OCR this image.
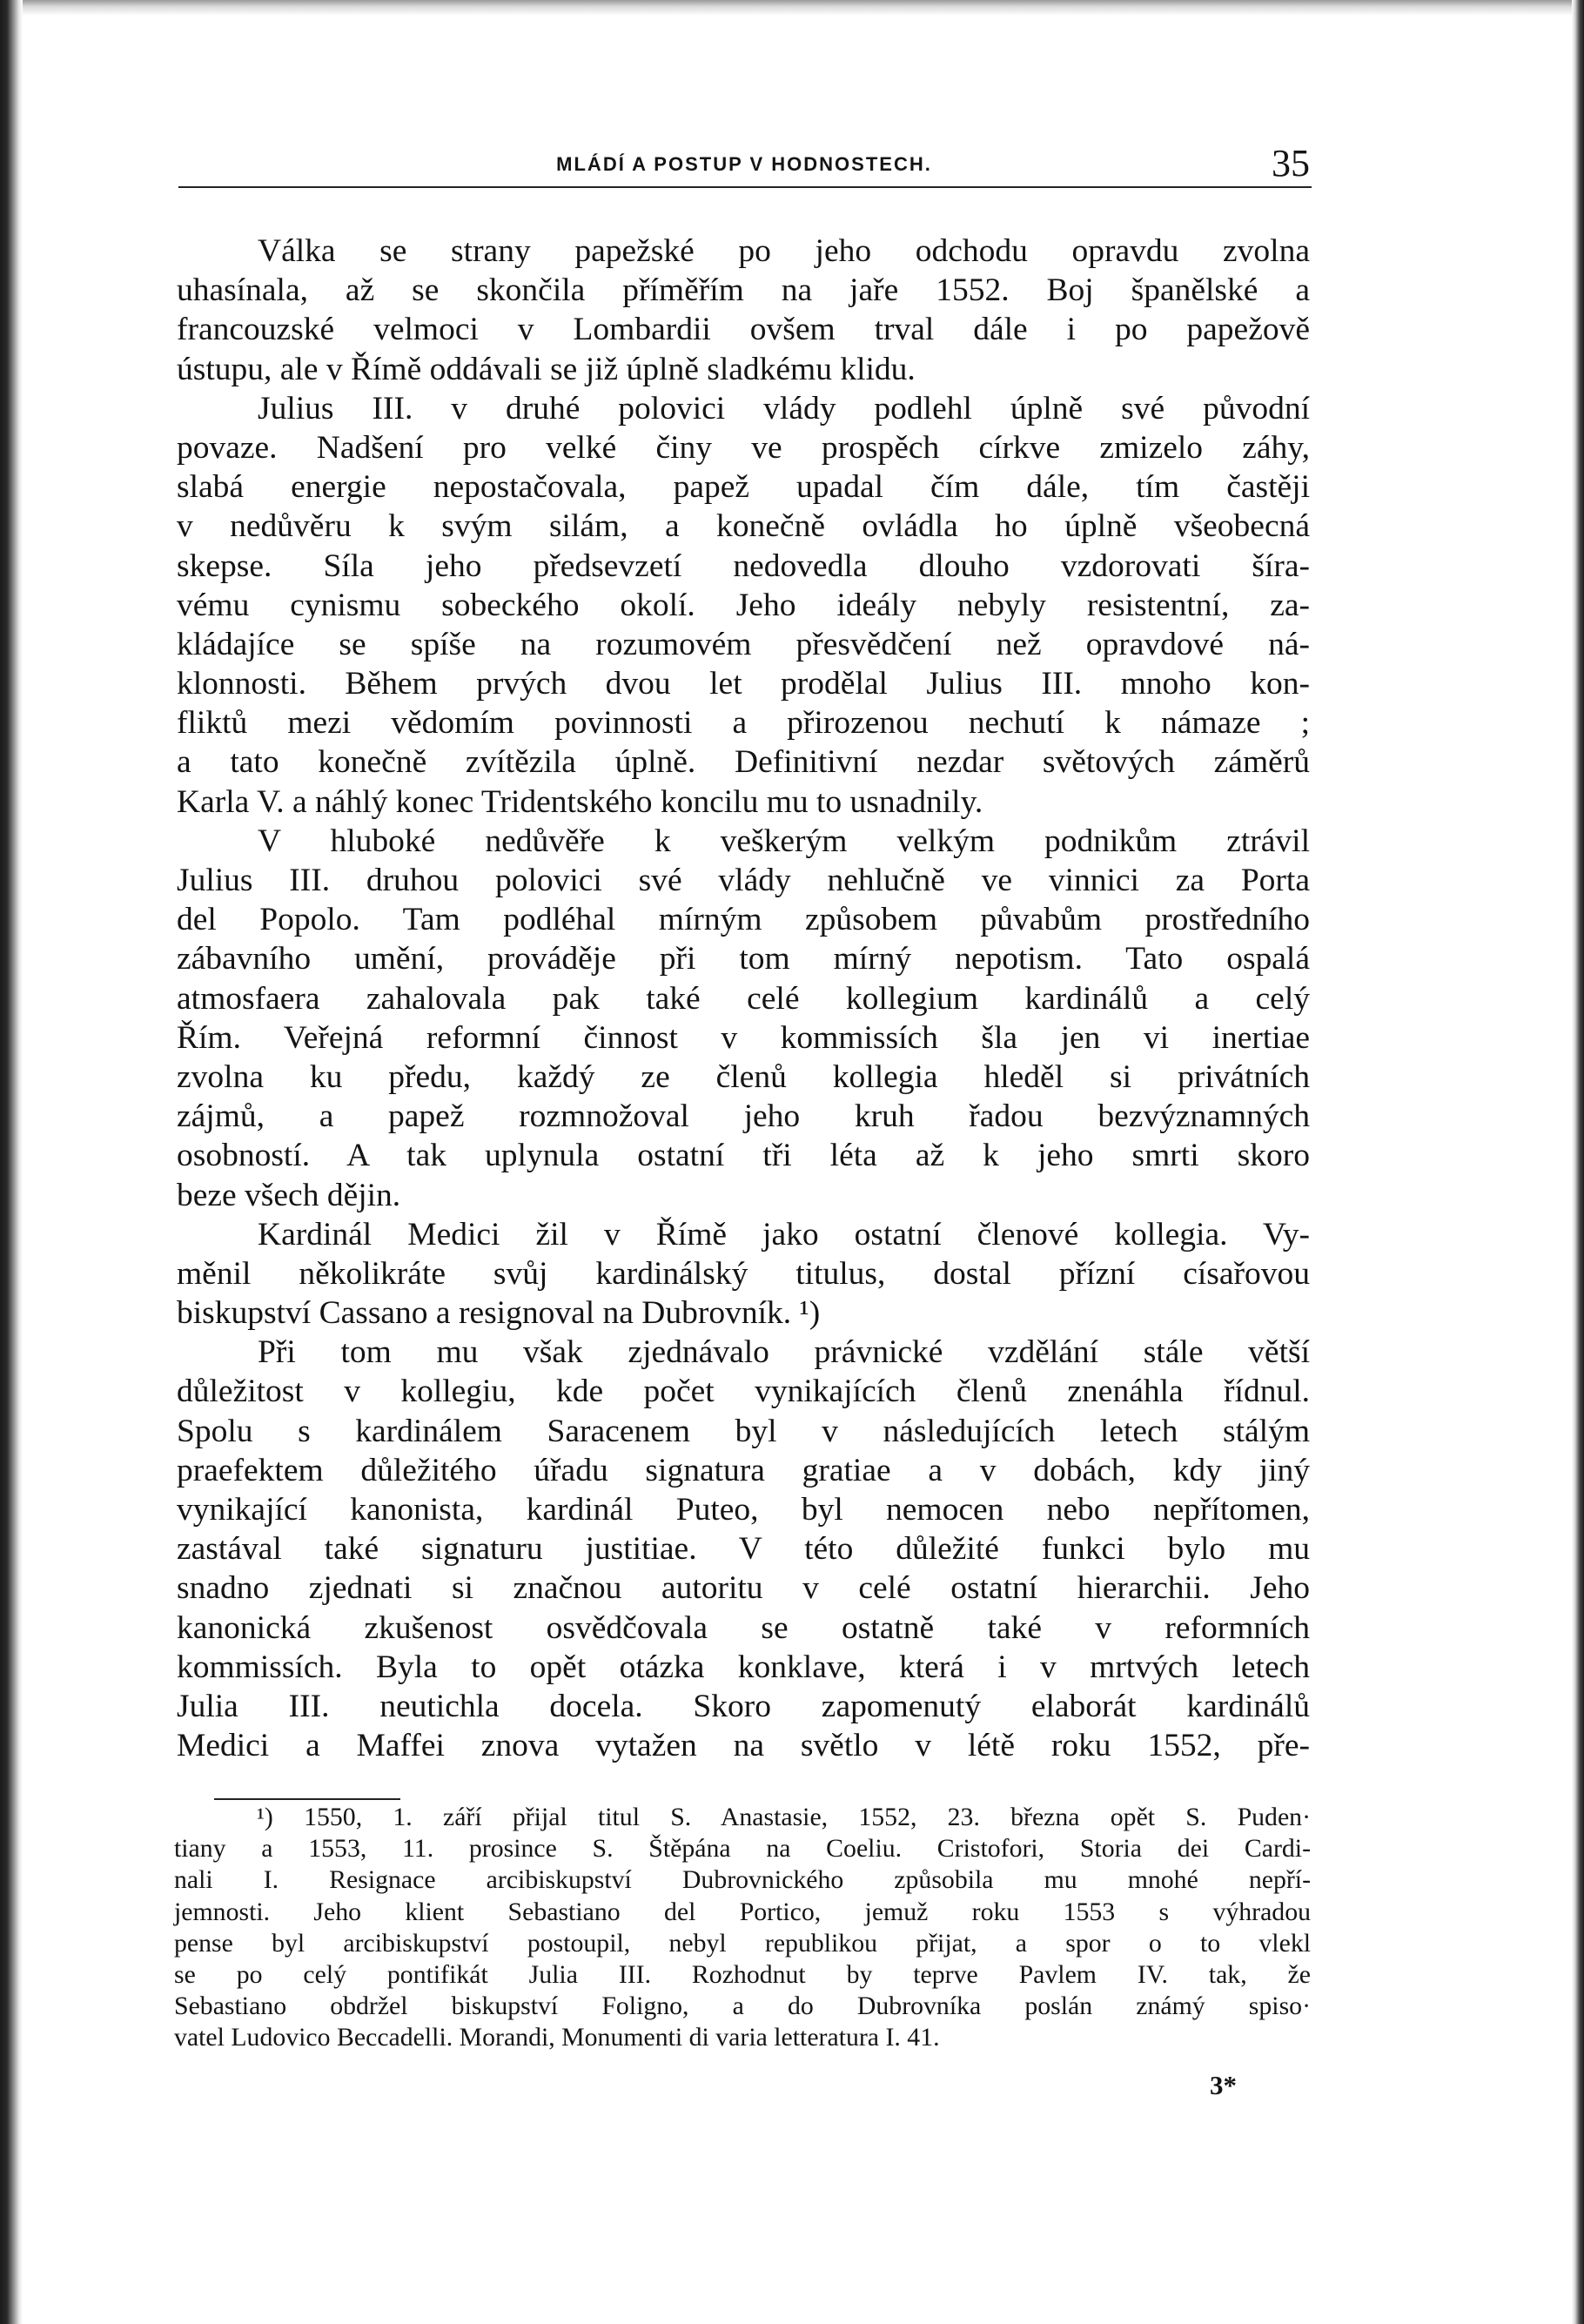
MLÁDÍ A POSTUP V HODNOSTECH.	35
Válka se strany papežské po jeho odchodu opravdu zvolna
uhasínala, až se skončila příměřím na jaře 1552. Boj španělské a
francouzské velmoci v Lombardii ovšem trval dále i po papežově
ústupu, ale v Římě oddávali se již úplně sladkému klidu.
Julius III. v druhé polovici vlády podlehl úplně své původní
povaze. Nadšení pro velké činy ve prospěch církve zmizelo záhy,
slabá energie nepostačovala, papež upadal čím dále, tím častěji
v nedůvěru k svým silám, a konečně ovládla ho úplně všeobecná
skepse. Síla jeho předsevzetí nedovedla dlouho vzdorovati šíra-
vému cynismu sobeckého okolí. Jeho ideály nebyly resistentní, za-
kládajíce se spíše na rozumovém přesvědčení než opravdové ná-
klonnosti. Během prvých dvou let prodělal Julius III. mnoho kon-
fliktů mezi vědomím povinnosti a přirozenou nechutí k námaze ;
a tato konečně zvítězila úplně. Definitivní nezdar světových záměrů
Karla V. a náhlý konec Tridentského koncilu mu to usnadnily.
V hluboké nedůvěře k veškerým velkým podnikům ztrávil
Julius III. druhou polovici své vlády nehlučně ve vinnici za Porta
del Popolo. Tam podléhal mírným způsobem půvabům prostředního
zábavního umění, prováděje při tom mírný nepotism. Tato ospalá
atmosfaera zahalovala pak také celé kollegium kardinálů a celý
Řím. Veřejná reformní činnost v kommissích šla jen vi inertiae
zvolna ku předu, každý ze členů kollegia hleděl si privátních
zájmů, a papež rozmnožoval jeho kruh řadou bezvýznamných
osobností. A tak uplynula ostatní tři léta až k jeho smrti skoro
beze všech dějin.
Kardinál Medici žil v Římě jako ostatní členové kollegia. Vy-
měnil několikráte svůj kardinálský titulus, dostal přízní císařovou
biskupství Cassano a resignoval na Dubrovník. ¹)
Při tom mu však zjednávalo právnické vzdělání stále větší
důležitost v kollegiu, kde počet vynikajících členů znenáhla řídnul.
Spolu s kardinálem Saracenem byl v následujících letech stálým
praefektem důležitého úřadu signatura gratiae a v dobách, kdy jiný
vynikající kanonista, kardinál Puteo, byl nemocen nebo nepřítomen,
zastával také signaturu justitiae. V této důležité funkci bylo mu
snadno zjednati si značnou autoritu v celé ostatní hierarchii. Jeho
kanonická zkušenost osvědčovala se ostatně také v reformních
kommissích. Byla to opět otázka konklave, která i v mrtvých letech
Julia III. neutichla docela. Skoro zapomenutý elaborát kardinálů
Medici a Maffei znova vytažen na světlo v létě roku 1552, pře-
¹) 1550, 1. září přijal titul S. Anastasie, 1552, 23. března opět S. Puden·
tiany a 1553, 11. prosince S. Štěpána na Coeliu. Cristofori, Storia dei Cardi-
nali I. Resignace arcibiskupství Dubrovnického způsobila mu mnohé nepří-
jemnosti. Jeho klient Sebastiano del Portico, jemuž roku 1553 s výhradou
pense byl arcibiskupství postoupil, nebyl republikou přijat, a spor o to vlekl
se po celý pontifikát Julia III. Rozhodnut by teprve Pavlem IV. tak, že
Sebastiano obdržel biskupství Foligno, a do Dubrovníka poslán známý spiso·
vatel Ludovico Beccadelli. Morandi, Monumenti di varia letteratura I. 41.
3*
